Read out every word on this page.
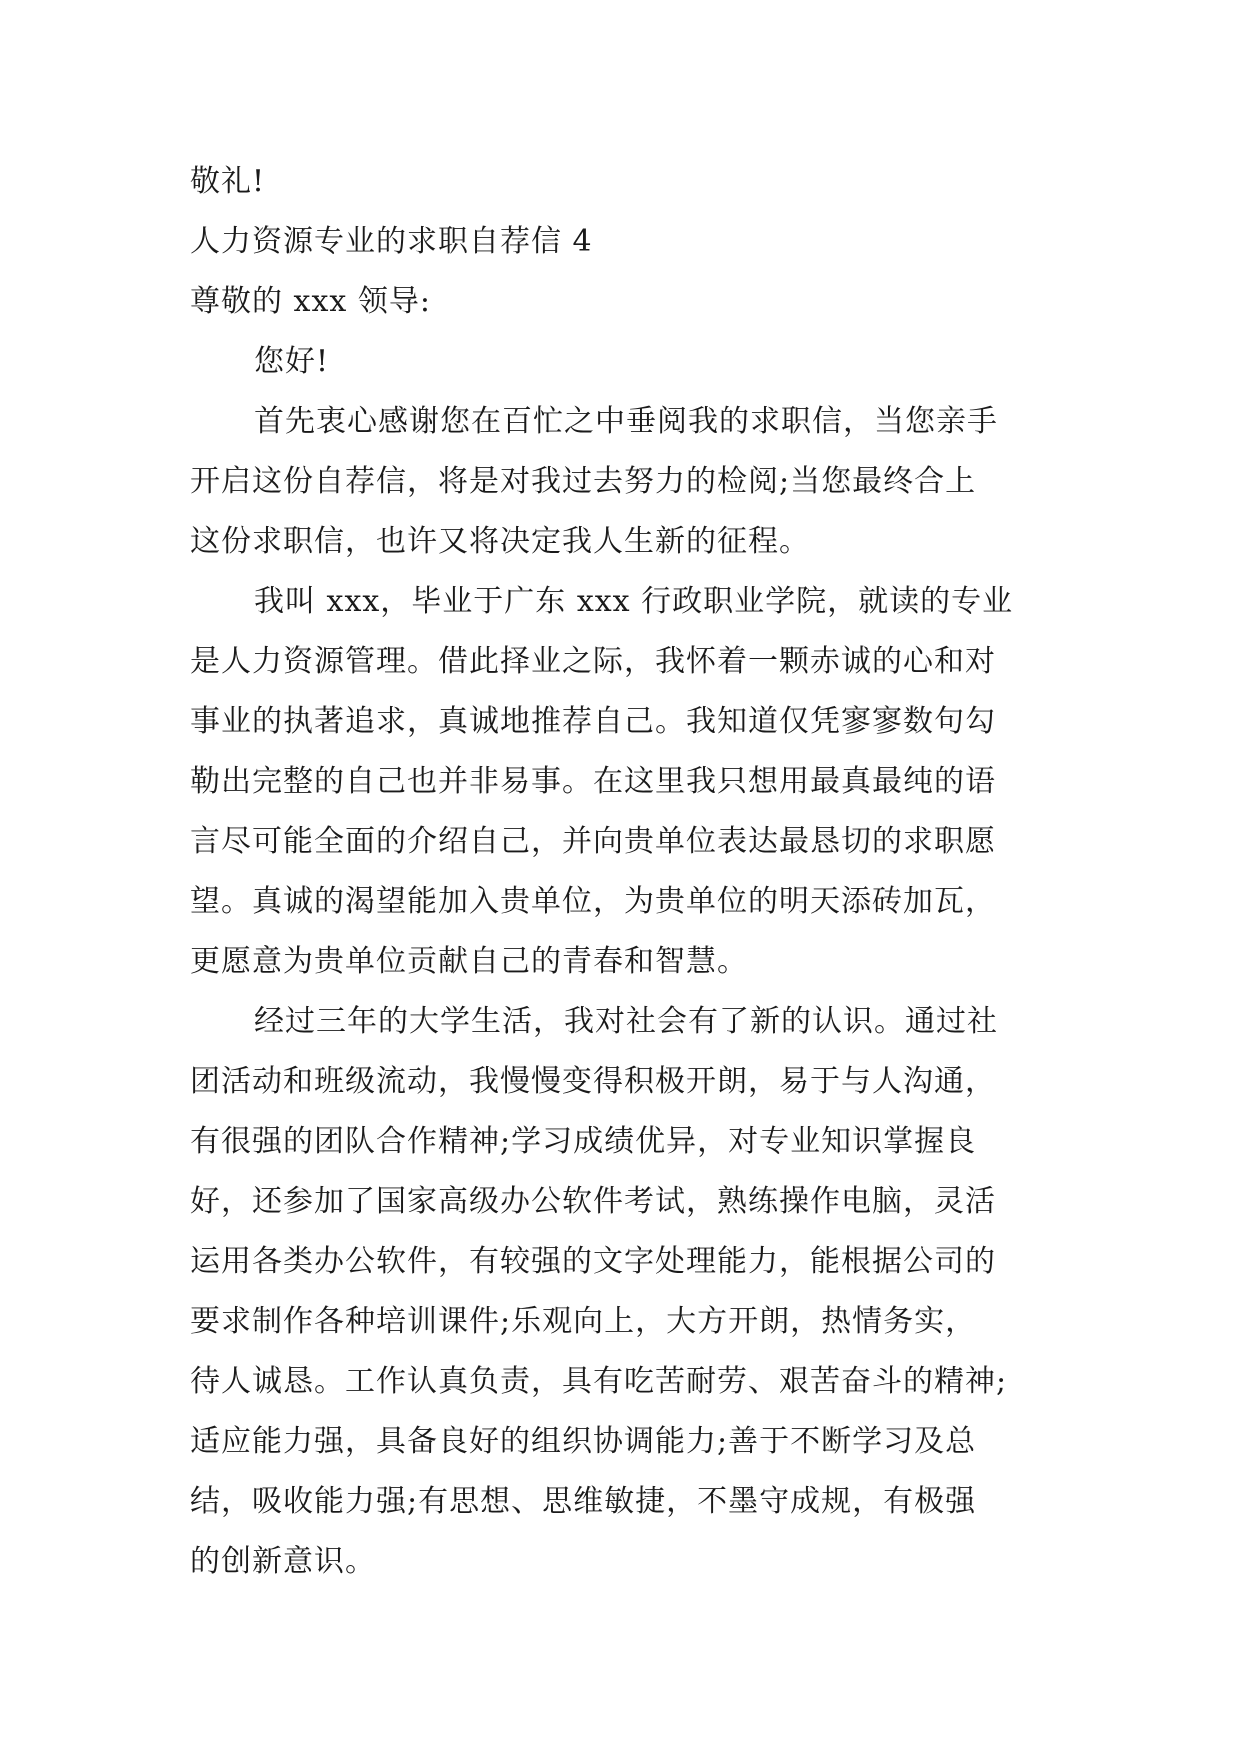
敬礼!
人力资源专业的求职自荐信 4
尊敬的 xxx 领导:
您好!
首先衷心感谢您在百忙之中垂阅我的求职信，当您亲手
开启这份自荐信，将是对我过去努力的检阅;当您最终合上
这份求职信，也许又将决定我人生新的征程。
我叫 xxx，毕业于广东 xxx 行政职业学院，就读的专业
是人力资源管理。借此择业之际，我怀着一颗赤诚的心和对
事业的执著追求，真诚地推荐自己。我知道仅凭寥寥数句勾
勒出完整的自己也并非易事。在这里我只想用最真最纯的语
言尽可能全面的介绍自己，并向贵单位表达最恳切的求职愿
望。真诚的渴望能加入贵单位，为贵单位的明天添砖加瓦，
更愿意为贵单位贡献自己的青春和智慧。
经过三年的大学生活，我对社会有了新的认识。通过社
团活动和班级流动，我慢慢变得积极开朗，易于与人沟通，
有很强的团队合作精神;学习成绩优异，对专业知识掌握良
好，还参加了国家高级办公软件考试，熟练操作电脑，灵活
运用各类办公软件，有较强的文字处理能力，能根据公司的
要求制作各种培训课件;乐观向上，大方开朗，热情务实，
待人诚恳。工作认真负责，具有吃苦耐劳、艰苦奋斗的精神;
适应能力强，具备良好的组织协调能力;善于不断学习及总
结，吸收能力强;有思想、思维敏捷，不墨守成规，有极强
的创新意识。
